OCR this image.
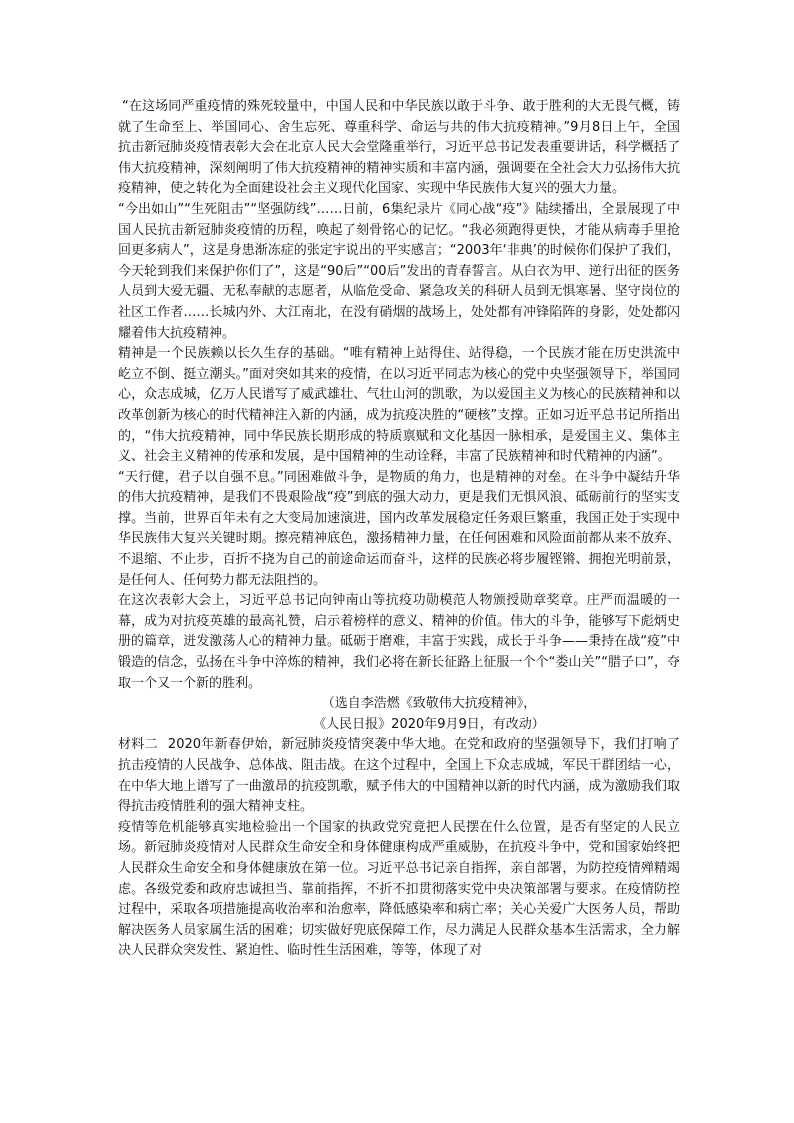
“在这场同严重疫情的殊死较量中，中国人民和中华民族以敢于斗争、敢于胜利的大无畏气概，铸就了生命至上、举国同心、舍生忘死、尊重科学、命运与共的伟大抗疫精神。”9月8日上午，全国抗击新冠肺炎疫情表彰大会在北京人民大会堂隆重举行，习近平总书记发表重要讲话，科学概括了伟大抗疫精神，深刻阐明了伟大抗疫精神的精神实质和丰富内涵，强调要在全社会大力弘扬伟大抗疫精神，使之转化为全面建设社会主义现代化国家、实现中华民族伟大复兴的强大力量。

“今出如山”“生死阻击”“坚强防线”……日前，6集纪录片《同心战“疫”》陆续播出，全景展现了中国人民抗击新冠肺炎疫情的历程，唤起了刻骨铭心的记忆。“我必须跑得更快，才能从病毒手里抢回更多病人”，这是身患渐冻症的张定宇说出的平实感言；“2003年‘非典’的时候你们保护了我们，今天轮到我们来保护你们了”，这是“90后”“00后”发出的青春誓言。从白衣为甲、逆行出征的医务人员到大爱无疆、无私奉献的志愿者，从临危受命、紧急攻关的科研人员到无惧寒暑、坚守岗位的社区工作者……长城内外、大江南北，在没有硝烟的战场上，处处都有冲锋陷阵的身影，处处都闪耀着伟大抗疫精神。

精神是一个民族赖以长久生存的基础。“唯有精神上站得住、站得稳，一个民族才能在历史洪流中屹立不倒、挺立潮头。”面对突如其来的疫情，在以习近平同志为核心的党中央坚强领导下，举国同心，众志成城，亿万人民谱写了威武雄壮、气壮山河的凯歌，为以爱国主义为核心的民族精神和以改革创新为核心的时代精神注入新的内涵，成为抗疫决胜的“硬核”支撑。正如习近平总书记所指出的，“伟大抗疫精神，同中华民族长期形成的特质禀赋和文化基因一脉相承，是爱国主义、集体主义、社会主义精神的传承和发展，是中国精神的生动诠释，丰富了民族精神和时代精神的内涵”。

“天行健，君子以自强不息。”同困难做斗争，是物质的角力，也是精神的对垒。在斗争中凝结升华的伟大抗疫精神，是我们不畏艰险战“疫”到底的强大动力，更是我们无惧风浪、砥砺前行的坚实支撑。当前，世界百年未有之大变局加速演进，国内改革发展稳定任务艰巨繁重，我国正处于实现中华民族伟大复兴关键时期。擦亮精神底色，激扬精神力量，在任何困难和风险面前都从来不放弃、不退缩、不止步，百折不挠为自己的前途命运而奋斗，这样的民族必将步履铿锵、拥抱光明前景，是任何人、任何势力都无法阻挡的。

在这次表彰大会上，习近平总书记向钟南山等抗疫功勋模范人物颁授勋章奖章。庄严而温暖的一幕，成为对抗疫英雄的最高礼赞，启示着榜样的意义、精神的价值。伟大的斗争，能够写下彪炳史册的篇章，迸发激荡人心的精神力量。砥砺于磨难，丰富于实践，成长于斗争——秉持在战“疫”中锻造的信念，弘扬在斗争中淬炼的精神，我们必将在新长征路上征服一个个“娄山关”“腊子口”，夺取一个又一个新的胜利。

（选自李浩燃《致敬伟大抗疫精神》，

《人民日报》2020年9月9日，有改动）

材料二 2020年新春伊始，新冠肺炎疫情突袭中华大地。在党和政府的坚强领导下，我们打响了抗击疫情的人民战争、总体战、阻击战。在这个过程中，全国上下众志成城，军民干群团结一心，在中华大地上谱写了一曲激昂的抗疫凯歌，赋予伟大的中国精神以新的时代内涵，成为激励我们取得抗击疫情胜利的强大精神支柱。

疫情等危机能够真实地检验出一个国家的执政党究竟把人民摆在什么位置，是否有坚定的人民立场。新冠肺炎疫情对人民群众生命安全和身体健康构成严重威胁，在抗疫斗争中，党和国家始终把人民群众生命安全和身体健康放在第一位。习近平总书记亲自指挥，亲自部署，为防控疫情殚精竭虑。各级党委和政府忠诚担当、靠前指挥，不折不扣贯彻落实党中央决策部署与要求。在疫情防控过程中，采取各项措施提高收治率和治愈率，降低感染率和病亡率；关心关爱广大医务人员，帮助解决医务人员家属生活的困难；切实做好兜底保障工作，尽力满足人民群众基本生活需求，全力解决人民群众突发性、紧迫性、临时性生活困难，等等，体现了对
